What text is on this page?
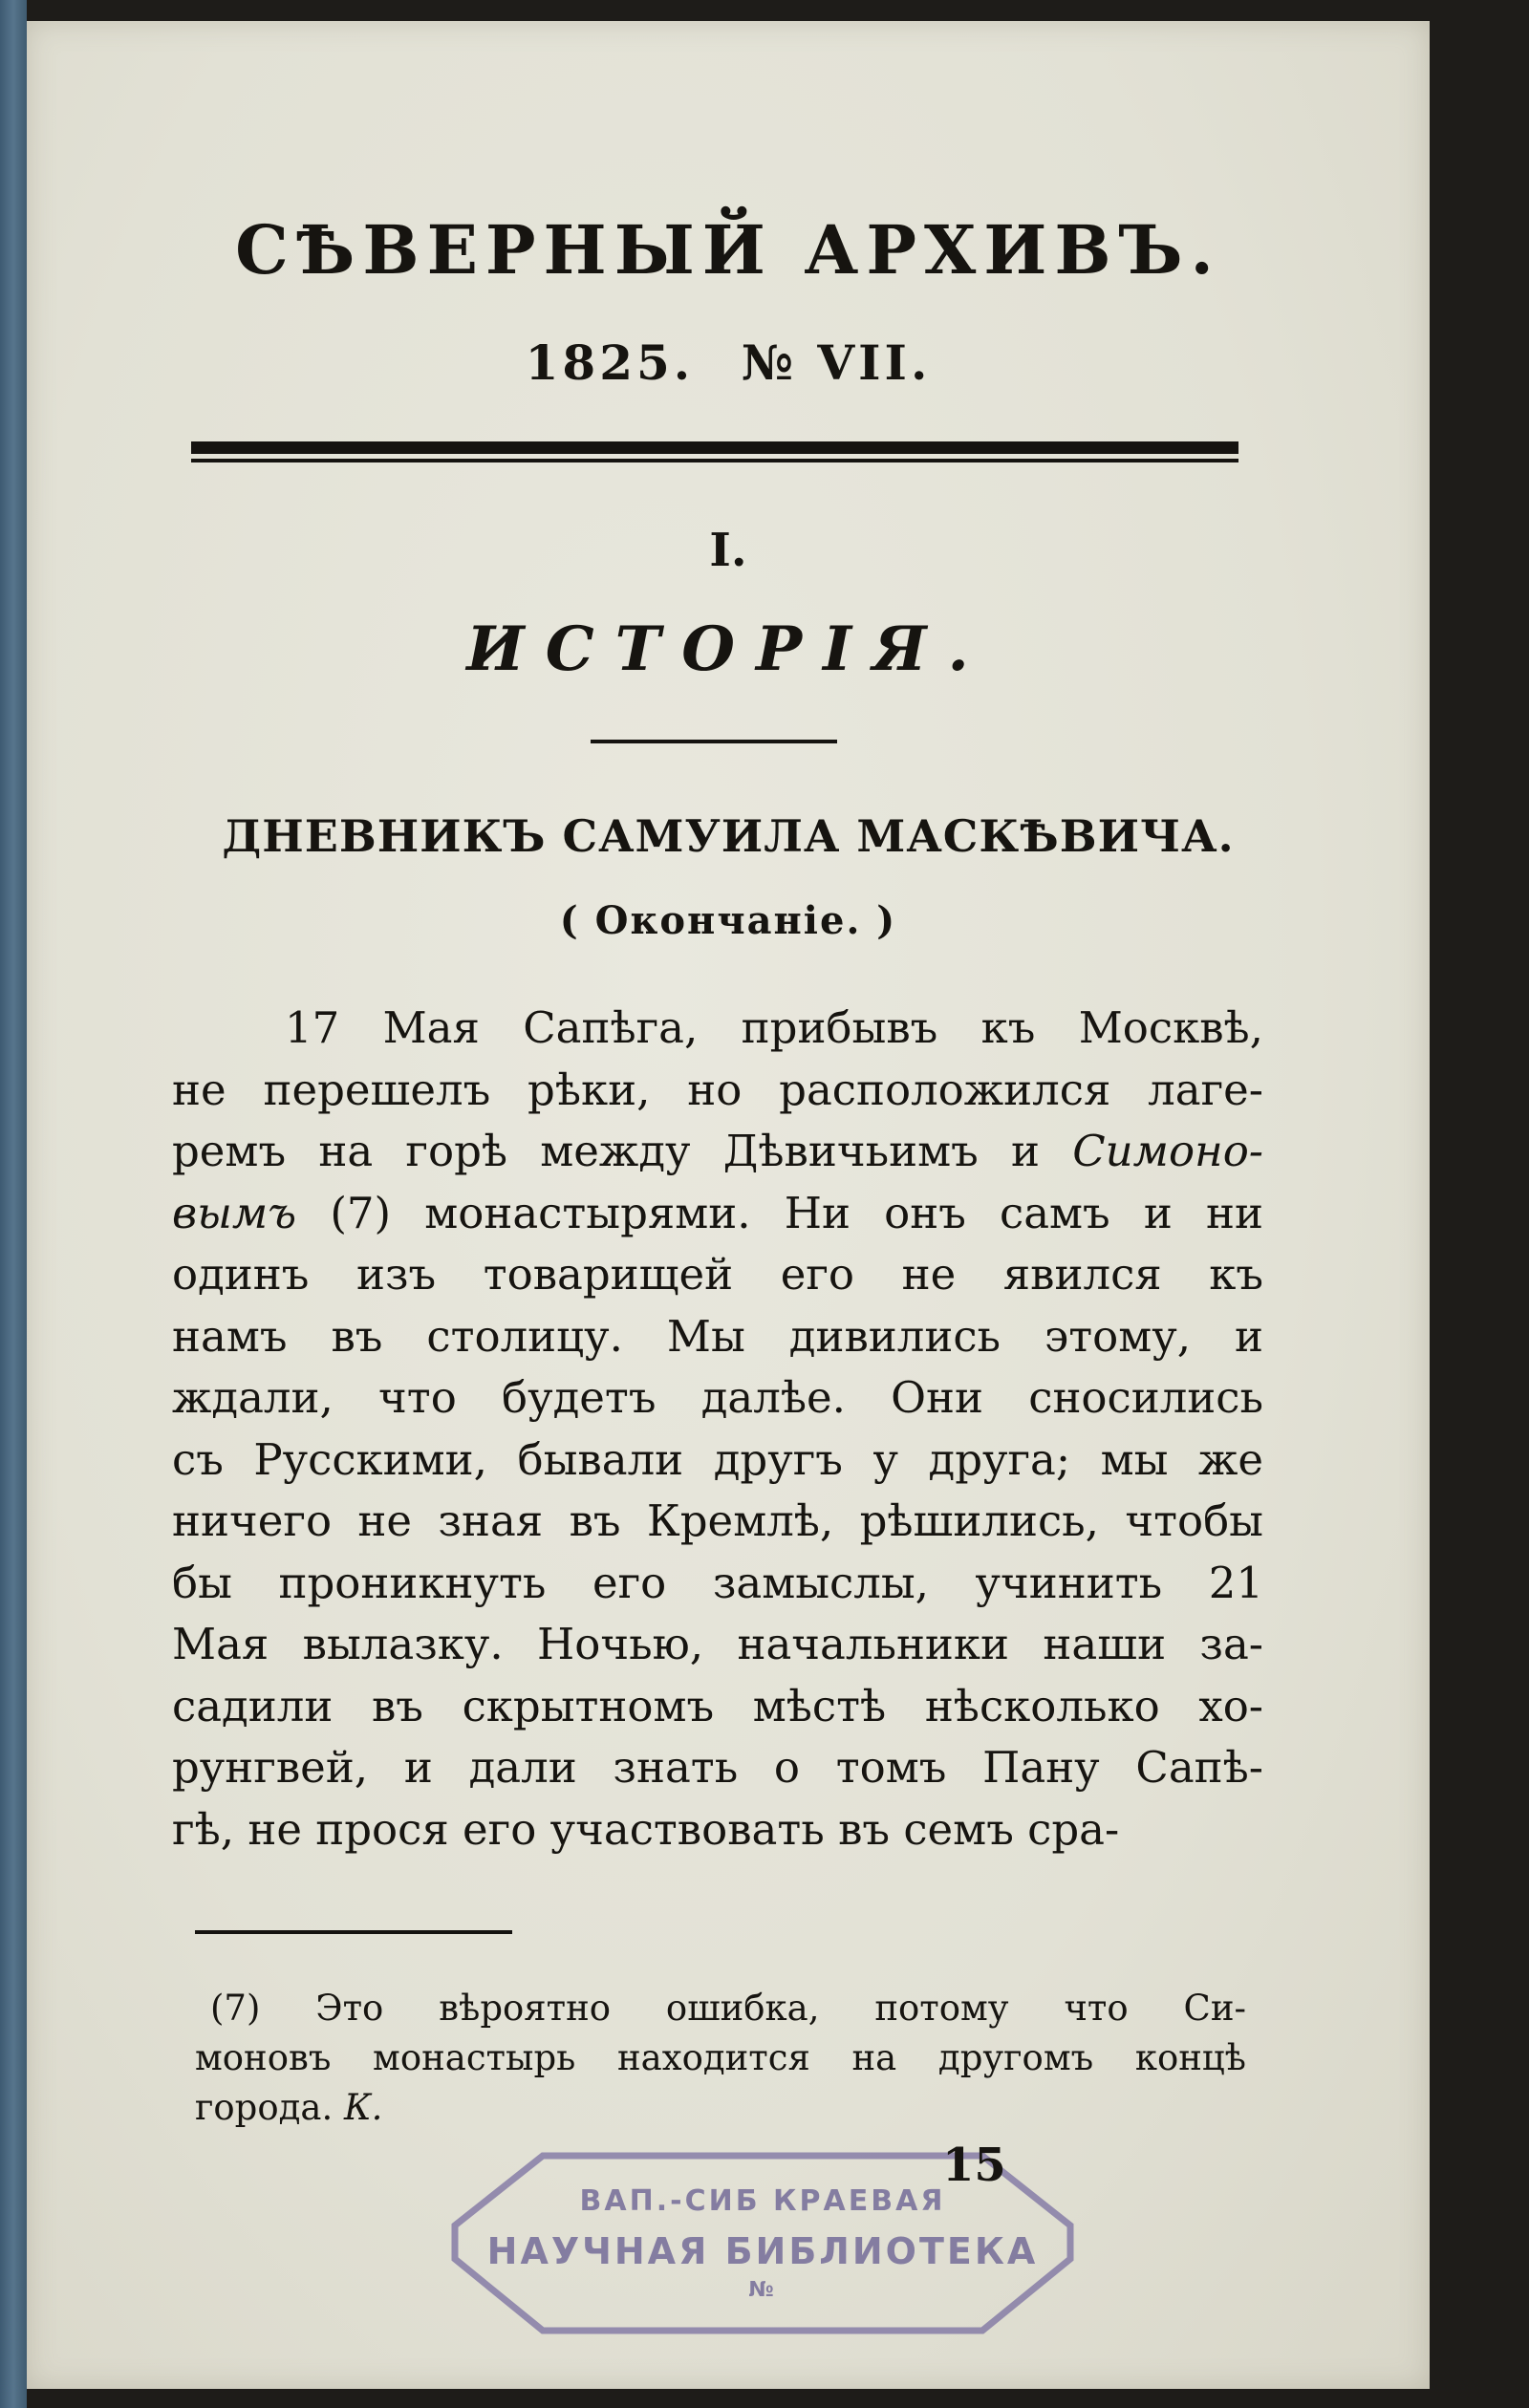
СѢВЕРНЫЙ АРХИВЪ.
1825. № VII.
I.
ИСТОРІЯ.
ДНЕВНИКЪ САМУИЛА МАСКѢВИЧА.
( Окончаніе. )
17 Мая Сапѣга, прибывъ къ Москвѣ,
не перешелъ рѣки, но расположился лаге-
ремъ на горѣ между Дѣвичьимъ и Симоно-
вымъ (7) монастырями. Ни онъ самъ и ни
одинъ изъ товарищей его не явился къ
намъ въ столицу. Мы дивились этому, и
ждали, что будетъ далѣе. Они сносились
съ Русскими, бывали другъ у друга; мы же
ничего не зная въ Кремлѣ, рѣшились, чтобы
бы проникнуть его замыслы, учинить 21
Мая вылазку. Ночью, начальники наши за-
садили въ скрытномъ мѣстѣ нѣсколько хо-
рунгвей, и дали знать о томъ Пану Сапѣ-
гѣ, не прося его участвовать въ семъ сра-
(7) Это вѣроятно ошибка, потому что Си-
моновъ монастырь находится на другомъ концѣ
города. К.
ВАП.-СИБ КРАЕВАЯ
НАУЧНАЯ БИБЛИОТЕКА
№
15
